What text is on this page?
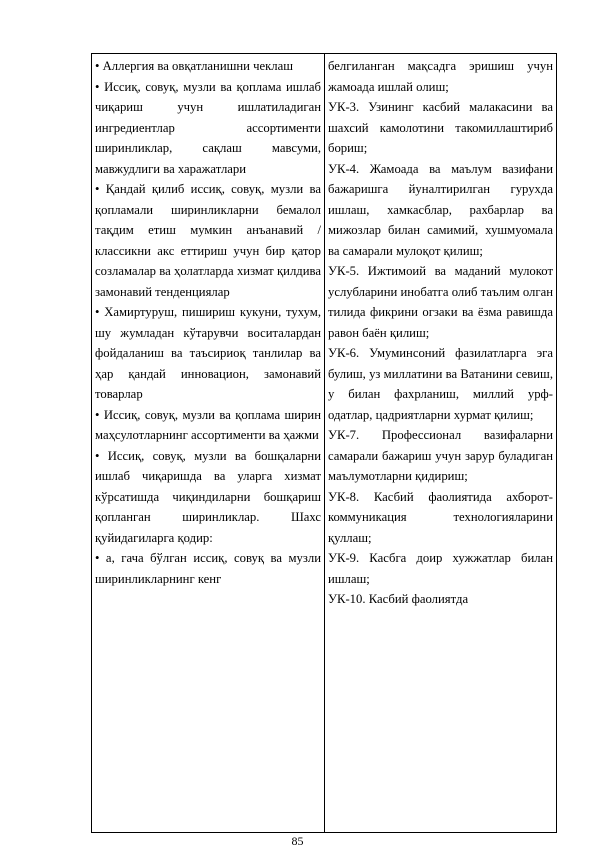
• Аллергия ва овқатланишни чеклаш

• Иссиқ, совуқ, музли ва қоплама ишлаб чиқариш учун ишлатиладиган ингредиентлар ассортименти ширинликлар, сақлаш мавсуми, мавжудлиги ва харажатлари

• Қандай қилиб иссиқ, совуқ, музли ва қопламали ширинликларни бемалол тақдим етиш мумкин анъанавий / классикни акс еттириш учун бир қатор созламалар ва ҳолатларда хизмат қилдива замонавий тенденциялар

• Хамиртуруш, пишириш кукуни, тухум, шу жумладан кўтарувчи воситалардан фойдаланиш ва таъсириоқ танлилар ва ҳар қандай инновацион, замонавий товарлар

• Иссиқ, совуқ, музли ва қоплама ширин маҳсулотларнинг ассортименти ва ҳажми

• Иссиқ, совуқ, музли ва бошқаларни ишлаб чиқаришда ва уларга хизмат кўрсатишда чиқиндиларни бошқариш қопланган ширинликлар. Шахс қуйидагиларга қодир:

• а, гача бўлган иссиқ, совуқ ва музли ширинликларнинг кенг

белгиланган мақсадга эришиш учун жамоада ишлай олиш;

УК-3. Узининг касбий малакасини ва шахсий камолотини такомиллаштириб бориш;

УК-4. Жамоада ва маълум вазифани бажаришга йуналтирилган гурухда ишлаш, хамкасблар, рахбарлар ва мижозлар билан самимий, хушмуомала ва самарали мулоқот қилиш;

УК-5. Ижтимоий ва маданий мулокот услубларини инобатга олиб таълим олган тилида фикрини огзаки ва ёзма равишда равон баён қилиш;

УК-6. Умуминсоний фазилатларга эга булиш, уз миллатини ва Ватанини севиш, у билан фахрланиш, миллий урф-одатлар, цадриятларни хурмат қилиш;

УК-7. Профессионал вазифаларни самарали бажариш учун зарур буладиган маълумотларни қидириш;

УК-8. Касбий фаолиятида ахборот-коммуникация технологияларини қуллаш;

УК-9. Касбга доир хужжатлар билан ишлаш;

УК-10. Касбий фаолиятда

85
